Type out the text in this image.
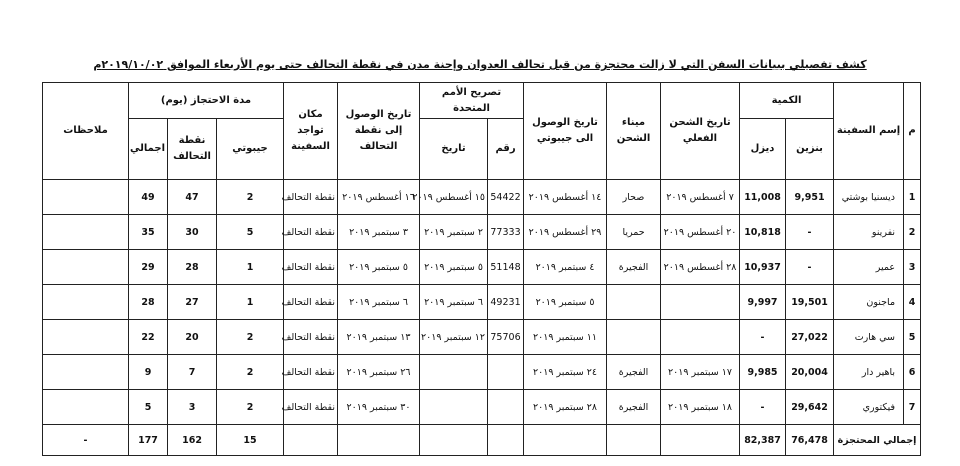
كشف تفصيلي ببيانات السفن التي لا زالت محتجزة من قبل تحالف العدوان وإحنة مدن في نقطة التحالف حتى يوم الأربعاء الموافق ٢٠١٩/١٠/٠٢م
م	إسم السفينة	الكمية		تاريخ الشحن الفعلي	ميناء الشحن	تاريخ الوصول الى جيبوتي	تصريح الأمم المتحدة		تاريخ الوصول إلى نقطة التحالف	مكان تواجد السفينة	مدة الاحتجاز (يوم)			ملاحظات
		بنزين	ديزل				رقم	تاريخ			جيبوتي	نقطة التحالف	اجمالي	
1	ديسنيا بوشتي	9,951	11,008	٧ أغسطس ٢٠١٩	صحار	١٤ أغسطس ٢٠١٩	54422	١٥ أغسطس ٢٠١٩	١٦ أغسطس ٢٠١٩	نقطة التحالف	2	47	49	
2	نفرينو	-	10,818	٢٠ أغسطس ٢٠١٩	حمريا	٢٩ أغسطس ٢٠١٩	77333	٢ سبتمبر ٢٠١٩	٣ سبتمبر ٢٠١٩	نقطة التحالف	5	30	35	
3	عمير	-	10,937	٢٨ أغسطس ٢٠١٩	الفجيرة	٤ سبتمبر ٢٠١٩	51148	٥ سبتمبر ٢٠١٩	٥ سبتمبر ٢٠١٩	نقطة التحالف	1	28	29	
4	ماجنون	19,501	9,997			٥ سبتمبر ٢٠١٩	49231	٦ سبتمبر ٢٠١٩	٦ سبتمبر ٢٠١٩	نقطة التحالف	1	27	28	
5	سي هارت	27,022	-			١١ سبتمبر ٢٠١٩	75706	١٢ سبتمبر ٢٠١٩	١٣ سبتمبر ٢٠١٩	نقطة التحالف	2	20	22	
6	باهير دار	20,004	9,985	١٧ سبتمبر ٢٠١٩	الفجيرة	٢٤ سبتمبر ٢٠١٩			٢٦ سبتمبر ٢٠١٩	نقطة التحالف	2	7	9	
7	فيكتوري	29,642	-	١٨ سبتمبر ٢٠١٩	الفجيرة	٢٨ سبتمبر ٢٠١٩			٣٠ سبتمبر ٢٠١٩	نقطة التحالف	2	3	5	
إجمالي المحتجزة		76,478	82,387								15	162	177	-
